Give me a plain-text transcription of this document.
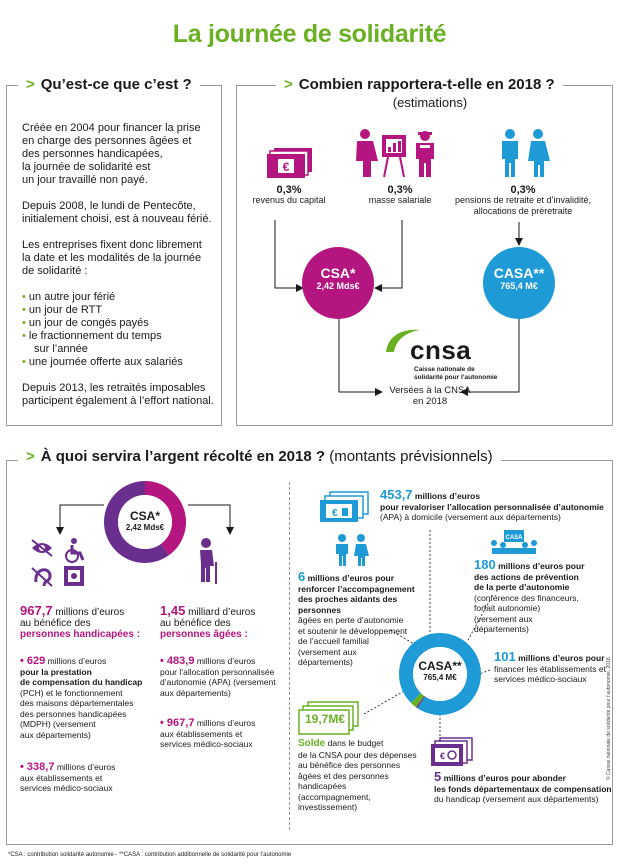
La journée de solidarité
> Qu’est-ce que c’est ?
Créée en 2004 pour financer la prise
en charge des personnes âgées et
des personnes handicapées,
la journée de solidarité est
un jour travaillé non payé.
Depuis 2008, le lundi de Pentecôte,
initialement choisi, est à nouveau férié.
Les entreprises fixent donc librement
la date et les modalités de la journée
de solidarité :
• un autre jour férié
• un jour de RTT
• un jour de congés payés
• le fractionnement du temps
sur l’année
• une journée offerte aux salariés
Depuis 2013, les retraités imposables
participent également à l’effort national.
> Combien rapportera-t-elle en 2018 ?
(estimations)
€
0,3%
revenus du capital
0,3%
masse salariale
0,3%
pensions de retraite et d’invalidité,
allocations de préretraite
CSA*
2,42 Mds€
CASA**
765,4 M€
cnsa
Caisse nationale de
solidarité pour l’autonomie
Versées à la CNSA
en 2018
> À quoi servira l’argent récolté en 2018 ? (montants prévisionnels)
CSA*
2,42 Mds€
967,7 millions d’euros
au bénéfice des
personnes handicapées :
• 629 millions d’euros
pour la prestation
de compensation du handicap
(PCH) et le fonctionnement
des maisons départementales
des personnes handicapées
(MDPH) (versement
aux départements)
• 338,7 millions d’euros
aux établissements et
services médico-sociaux
1,45 milliard d’euros
au bénéfice des
personnes âgées :
• 483,9 millions d’euros
pour l’allocation personnalisée
d’autonomie (APA) (versement
aux départements)
• 967,7 millions d’euros
aux établissements et
services médico-sociaux
€
453,7 millions d’euros
pour revaloriser l’allocation personnalisée d’autonomie
(APA) à domicile (versement aux départements)
6 millions d’euros pour
renforcer l’accompagnement
des proches aidants des personnes
âgées en perte d’autonomie
et soutenir le développement
de l’accueil familial
(versement aux
départements)
CASA
180 millions d’euros pour
des actions de prévention
de la perte d’autonomie
(conférence des financeurs,
forfait autonomie)
(versement aux
départements)
101 millions d’euros pour
financer les établissements et
services médico-sociaux
CASA**
765,4 M€
19,7M€
Solde dans le budget
de la CNSA pour des dépenses
au bénéfice des personnes
âgées et des personnes
handicapées
(accompagnement,
investissement)
€
5 millions d’euros pour abonder
les fonds départementaux de compensation
du handicap (versement aux départements)
© Caisse nationale de solidarité pour l’autonomie, 2018.
*CSA : contribution solidarité autonomie - **CASA : contribution additionnelle de solidarité pour l’autonomie
